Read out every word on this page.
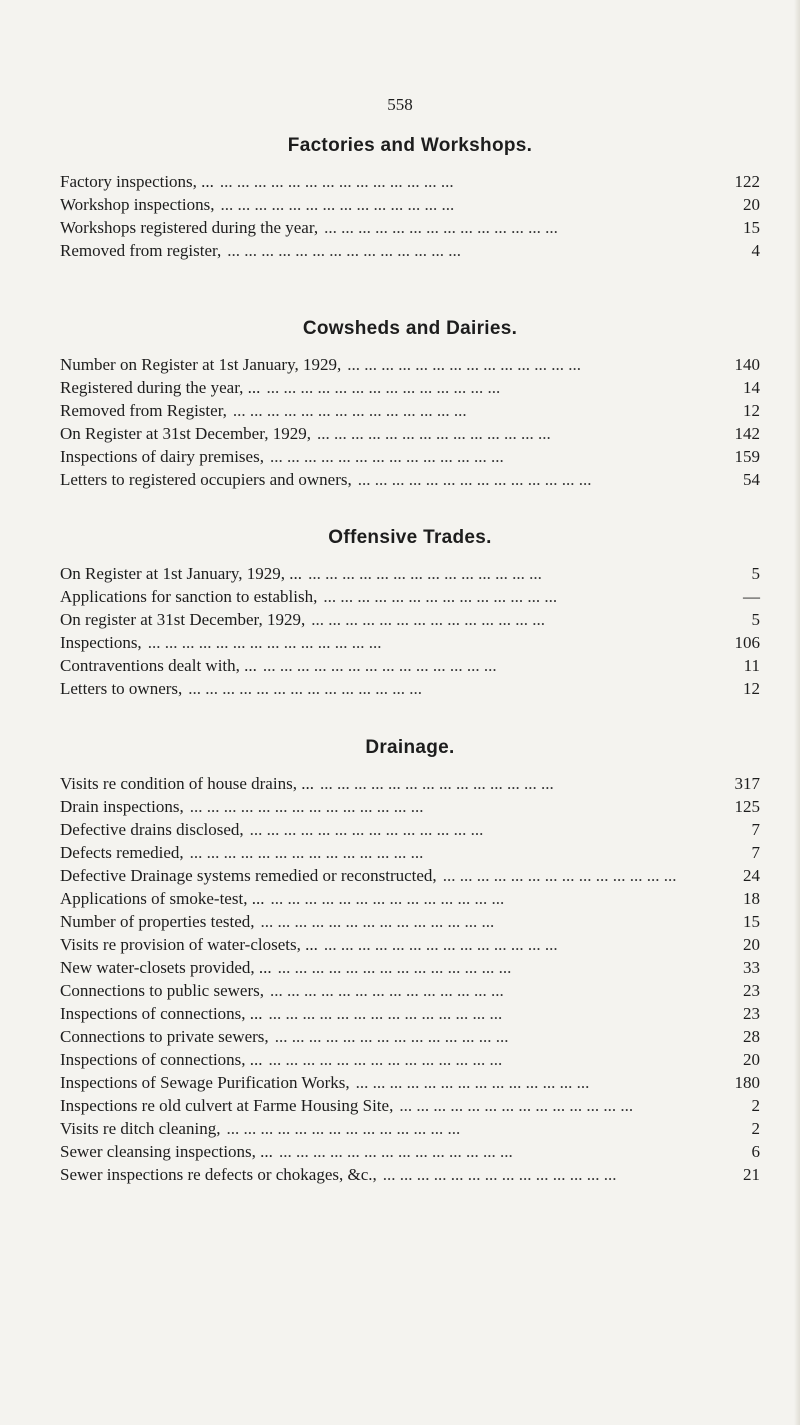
558
Factories and Workshops.
Factory inspections, ... ... ... ... ... ... ... ... ... ... ... ... ... ... ...	122
Workshop inspections, ... ... ... ... ... ... ... ... ... ... ... ... ... ...	20
Workshops registered during the year, ... ... ... ... ... ... ... ... ... ... ... ... ... ...	15
Removed from register, ... ... ... ... ... ... ... ... ... ... ... ... ... ...	4
Cowsheds and Dairies.
Number on Register at 1st January, 1929, ... ... ... ... ... ... ... ... ... ... ... ... ... ...	140
Registered during the year, ... ... ... ... ... ... ... ... ... ... ... ... ... ... ...	14
Removed from Register, ... ... ... ... ... ... ... ... ... ... ... ... ... ...	12
On Register at 31st December, 1929, ... ... ... ... ... ... ... ... ... ... ... ... ... ...	142
Inspections of dairy premises, ... ... ... ... ... ... ... ... ... ... ... ... ... ...	159
Letters to registered occupiers and owners, ... ... ... ... ... ... ... ... ... ... ... ... ... ...	54
Offensive Trades.
On Register at 1st January, 1929, ... ... ... ... ... ... ... ... ... ... ... ... ... ... ...	5
Applications for sanction to establish, ... ... ... ... ... ... ... ... ... ... ... ... ... ...	—
On register at 31st December, 1929, ... ... ... ... ... ... ... ... ... ... ... ... ... ...	5
Inspections, ... ... ... ... ... ... ... ... ... ... ... ... ... ...	106
Contraventions dealt with, ... ... ... ... ... ... ... ... ... ... ... ... ... ... ...	11
Letters to owners, ... ... ... ... ... ... ... ... ... ... ... ... ... ...	12
Drainage.
Visits re condition of house drains, ... ... ... ... ... ... ... ... ... ... ... ... ... ... ...	317
Drain inspections, ... ... ... ... ... ... ... ... ... ... ... ... ... ...	125
Defective drains disclosed, ... ... ... ... ... ... ... ... ... ... ... ... ... ...	7
Defects remedied, ... ... ... ... ... ... ... ... ... ... ... ... ... ...	7
Defective Drainage systems remedied or reconstructed, ... ... ... ... ... ... ... ... ... ... ... ... ... ...	24
Applications of smoke-test, ... ... ... ... ... ... ... ... ... ... ... ... ... ... ...	18
Number of properties tested, ... ... ... ... ... ... ... ... ... ... ... ... ... ...	15
Visits re provision of water-closets, ... ... ... ... ... ... ... ... ... ... ... ... ... ... ...	20
New water-closets provided, ... ... ... ... ... ... ... ... ... ... ... ... ... ... ...	33
Connections to public sewers, ... ... ... ... ... ... ... ... ... ... ... ... ... ...	23
Inspections of connections, ... ... ... ... ... ... ... ... ... ... ... ... ... ... ...	23
Connections to private sewers, ... ... ... ... ... ... ... ... ... ... ... ... ... ...	28
Inspections of connections, ... ... ... ... ... ... ... ... ... ... ... ... ... ... ...	20
Inspections of Sewage Purification Works, ... ... ... ... ... ... ... ... ... ... ... ... ... ...	180
Inspections re old culvert at Farme Housing Site, ... ... ... ... ... ... ... ... ... ... ... ... ... ...	2
Visits re ditch cleaning, ... ... ... ... ... ... ... ... ... ... ... ... ... ...	2
Sewer cleansing inspections, ... ... ... ... ... ... ... ... ... ... ... ... ... ... ...	6
Sewer inspections re defects or chokages, &c., ... ... ... ... ... ... ... ... ... ... ... ... ... ...	21
